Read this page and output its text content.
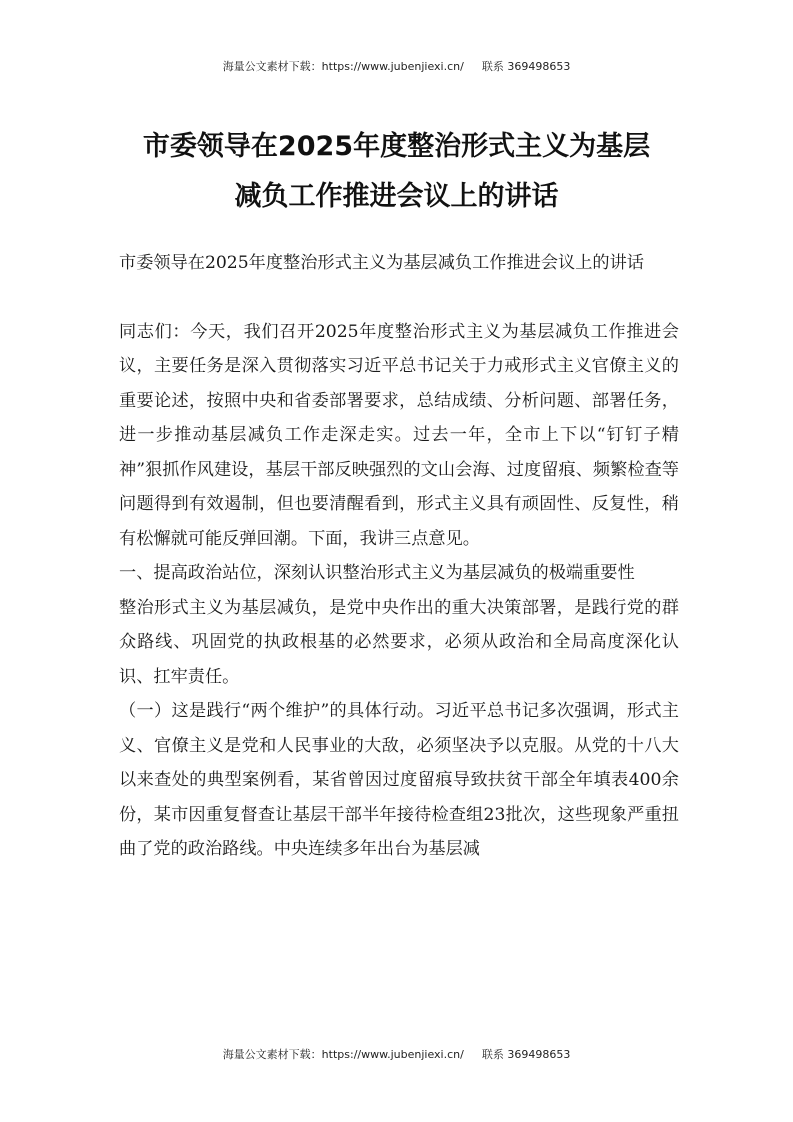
海量公文素材下载：https://www.jubenjiexi.cn/ 联系 369498653
市委领导在2025年度整治形式主义为基层
减负工作推进会议上的讲话

市委领导在2025年度整治形式主义为基层减负工作推进会议上的讲话

同志们：今天，我们召开2025年度整治形式主义为基层减负工作推进会议，主要任务是深入贯彻落实习近平总书记关于力戒形式主义官僚主义的重要论述，按照中央和省委部署要求，总结成绩、分析问题、部署任务，进一步推动基层减负工作走深走实。过去一年，全市上下以“钉钉子精神”狠抓作风建设，基层干部反映强烈的文山会海、过度留痕、频繁检查等问题得到有效遏制，但也要清醒看到，形式主义具有顽固性、反复性，稍有松懈就可能反弹回潮。下面，我讲三点意见。

一、提高政治站位，深刻认识整治形式主义为基层减负的极端重要性

整治形式主义为基层减负，是党中央作出的重大决策部署，是践行党的群众路线、巩固党的执政根基的必然要求，必须从政治和全局高度深化认识、扛牢责任。

（一）这是践行“两个维护”的具体行动。习近平总书记多次强调，形式主义、官僚主义是党和人民事业的大敌，必须坚决予以克服。从党的十八大以来查处的典型案例看，某省曾因过度留痕导致扶贫干部全年填表400余份，某市因重复督查让基层干部半年接待检查组23批次，这些现象严重扭曲了党的政治路线。中央连续多年出台为基层减

海量公文素材下载：https://www.jubenjiexi.cn/ 联系 369498653
